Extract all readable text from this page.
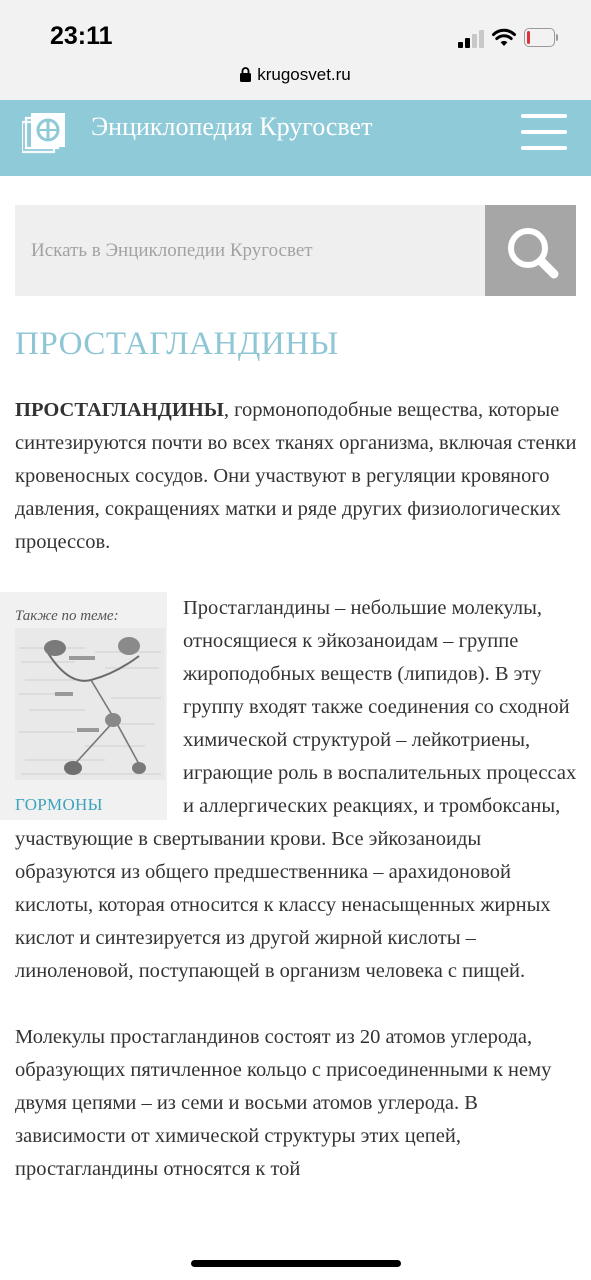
23:11
krugosvet.ru
Энциклопедия Кругосвет
Искать в Энциклопедии Кругосвет
ПРОСТАГЛАНДИНЫ

ПРОСТАГЛАНДИНЫ, гормоноподобные вещества, которые синтезируются почти во всех тканях организма, включая стенки кровеносных сосудов. Они участвуют в регуляции кровяного давления, сокращениях матки и ряде других физиологических процессов.

Также по теме:
ГОРМОНЫ
Простагландины – небольшие молекулы, относящиеся к эйкозаноидам – группе жироподобных веществ (липидов). В эту группу входят также соединения со сходной химической структурой – лейкотриены, играющие роль в воспалительных процессах и аллергических реакциях, и тромбоксаны, участвующие в свертывании крови. Все эйкозаноиды образуются из общего предшественника – арахидоновой кислоты, которая относится к классу ненасыщенных жирных кислот и синтезируется из другой жирной кислоты – линоленовой, поступающей в организм человека с пищей.

Молекулы простагландинов состоят из 20 атомов углерода, образующих пятичленное кольцо с присоединенными к нему двумя цепями – из семи и восьми атомов углерода. В зависимости от химической структуры этих цепей, простагландины относятся к той
